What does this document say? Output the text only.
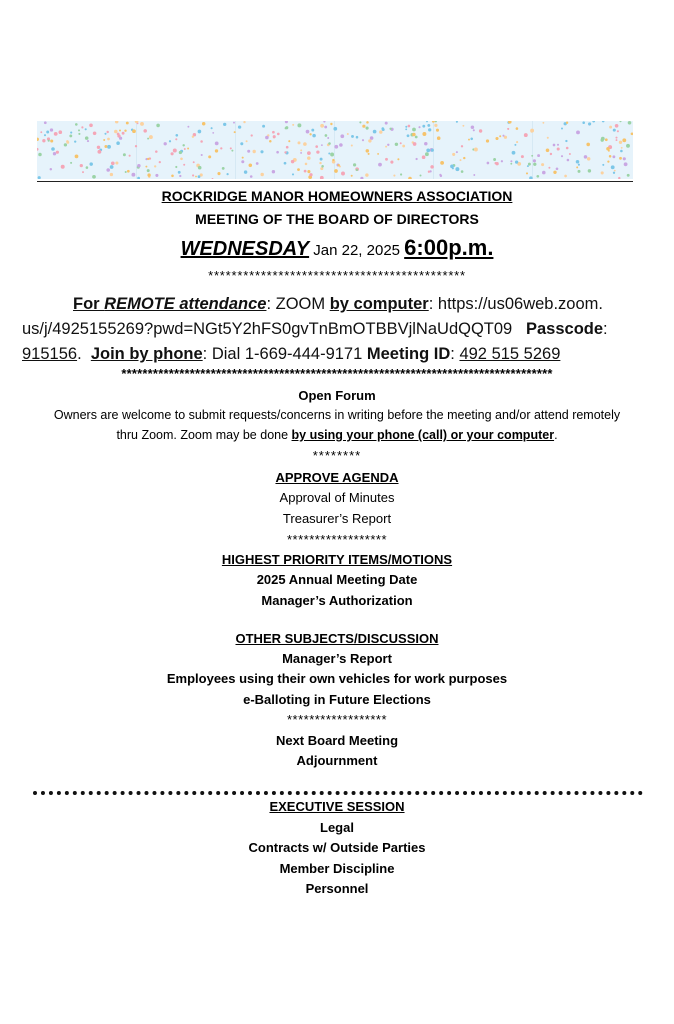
ROCKRIDGE MANOR HOMEOWNERS ASSOCIATION
MEETING OF THE BOARD OF DIRECTORS
WEDNESDAY Jan 22, 2025 6:00p.m.
********************************************
For REMOTE attendance: ZOOM by computer: https://us06web.zoom.
us/j/4925155269?pwd=NGt5Y2hFS0gvTnBmOTBBVjlNaUdQQT09 Passcode:
915156.  Join by phone: Dial 1-669-444-9171 Meeting ID: 492 515 5269
**********************************************************************************
Open Forum
Owners are welcome to submit requests/concerns in writing before the meeting and/or attend remotely
thru Zoom. Zoom may be done by using your phone (call) or your computer.
********
APPROVE AGENDA
Approval of Minutes
Treasurer’s Report
******************
HIGHEST PRIORITY ITEMS/MOTIONS
2025 Annual Meeting Date
Manager’s Authorization
OTHER SUBJECTS/DISCUSSION
Manager’s Report
Employees using their own vehicles for work purposes
e-Balloting in Future Elections
******************
Next Board Meeting
Adjournment
EXECUTIVE SESSION
Legal
Contracts w/ Outside Parties
Member Discipline
Personnel
